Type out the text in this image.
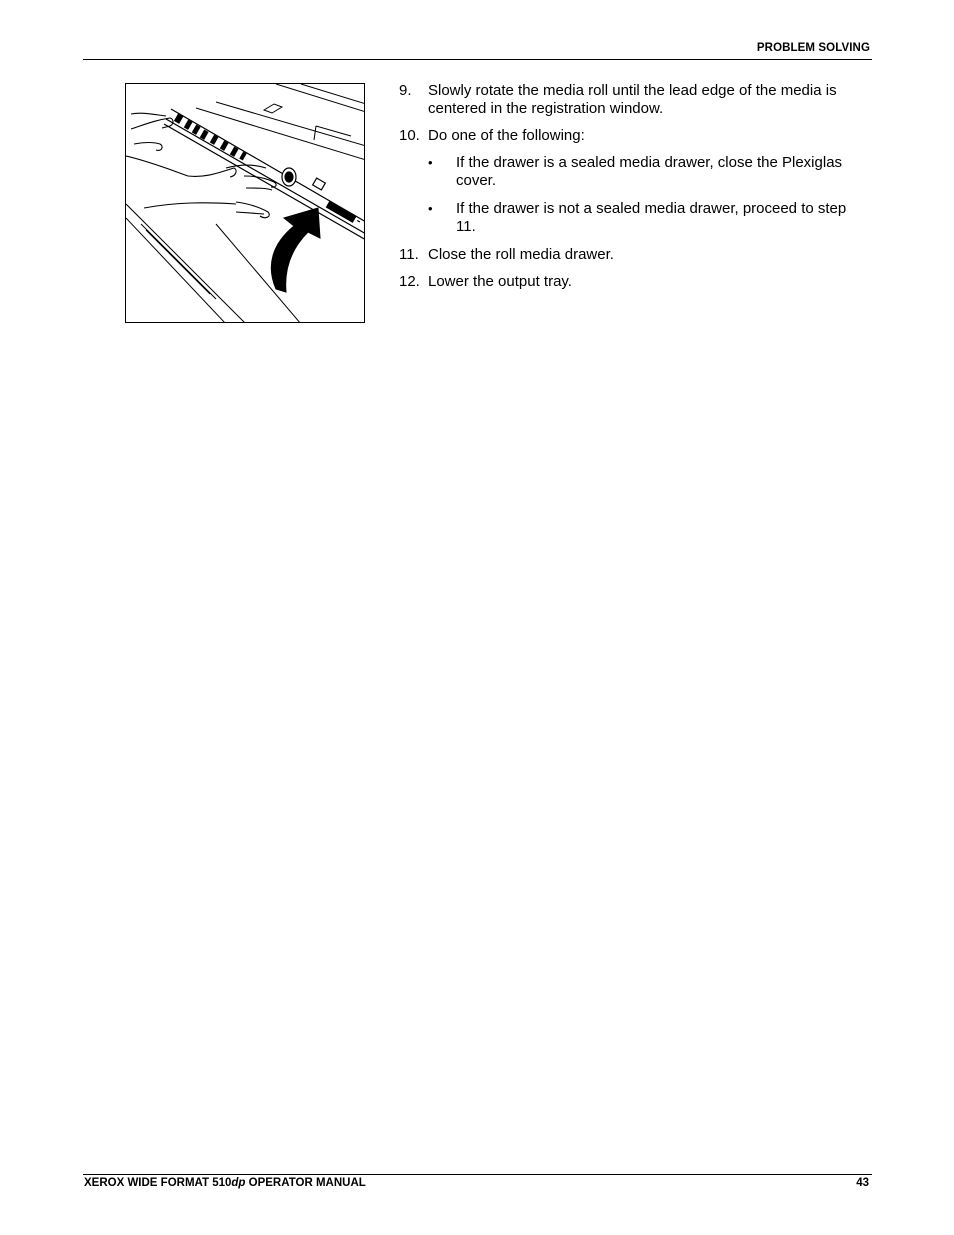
PROBLEM SOLVING
9. Slowly rotate the media roll until the lead edge of the media is centered in the registration window.
10. Do one of the following:
• If the drawer is a sealed media drawer, close the Plexiglas cover.
• If the drawer is not a sealed media drawer, proceed to step 11.
11. Close the roll media drawer.
12. Lower the output tray.
XEROX WIDE FORMAT 510dp OPERATOR MANUAL	43
